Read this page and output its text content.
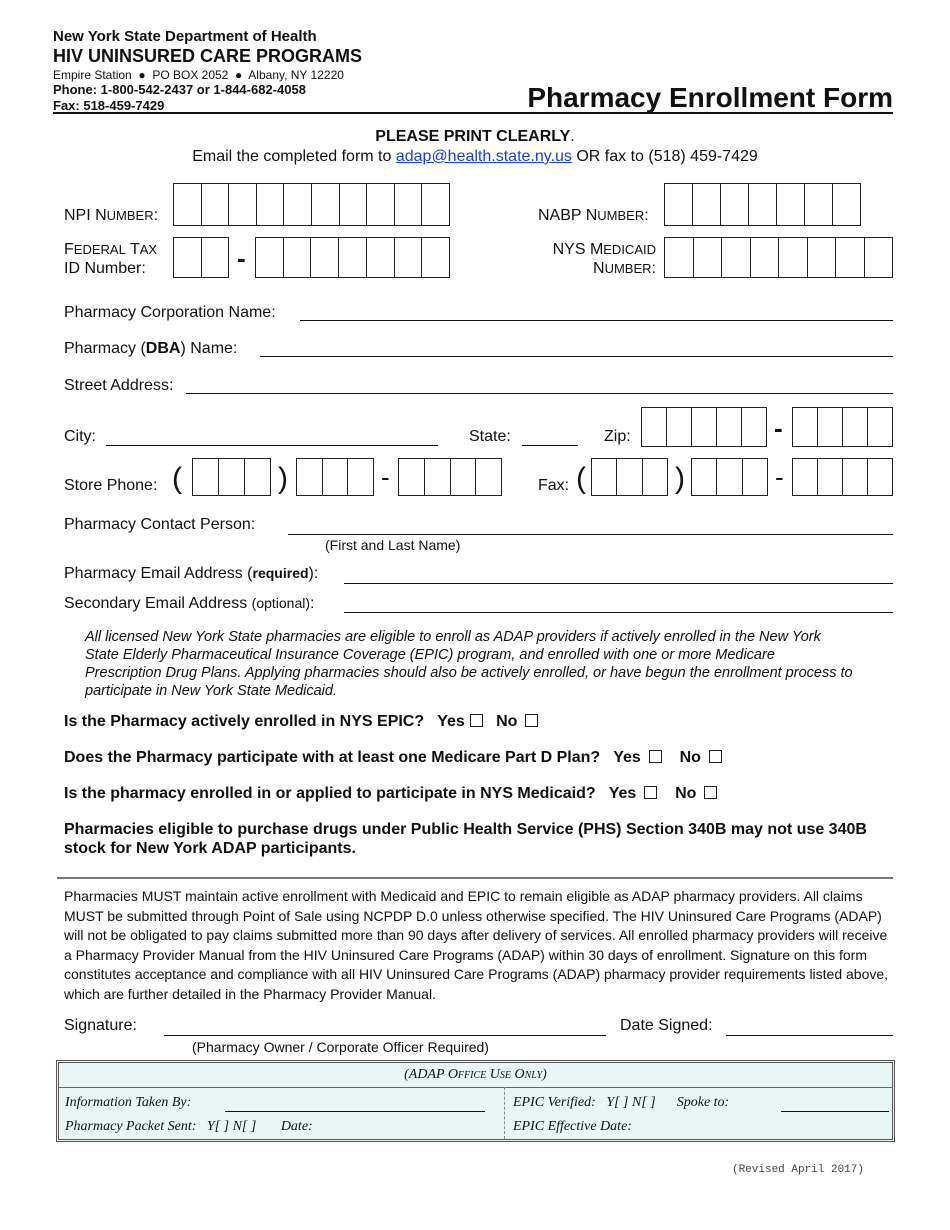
New York State Department of Health
HIV UNINSURED CARE PROGRAMS
Empire Station  ●  PO BOX 2052  ●  Albany, NY 12220
Phone: 1-800-542-2437 or 1-844-682-4058
Fax: 518-459-7429	Pharmacy Enrollment Form
PLEASE PRINT CLEARLY.
Email the completed form to adap@health.state.ny.us OR fax to (518) 459-7429
NPI NUMBER:	NABP NUMBER:
FEDERAL TAX
ID Number:	-	NYS MEDICAID
NUMBER:
Pharmacy Corporation Name:
Pharmacy (DBA) Name:
Street Address:
City:	State:	Zip:	-
Store Phone: (	)	-	Fax: (	)	-
Pharmacy Contact Person:
(First and Last Name)
Pharmacy Email Address (required):
Secondary Email Address (optional):
All licensed New York State pharmacies are eligible to enroll as ADAP providers if actively enrolled in the New York State Elderly Pharmaceutical Insurance Coverage (EPIC) program, and enrolled with one or more Medicare Prescription Drug Plans. Applying pharmacies should also be actively enrolled, or have begun the enrollment process to participate in New York State Medicaid.
Is the Pharmacy actively enrolled in NYS EPIC? Yes No
Does the Pharmacy participate with at least one Medicare Part D Plan? Yes No
Is the pharmacy enrolled in or applied to participate in NYS Medicaid? Yes No
Pharmacies eligible to purchase drugs under Public Health Service (PHS) Section 340B may not use 340B stock for New York ADAP participants.
Pharmacies MUST maintain active enrollment with Medicaid and EPIC to remain eligible as ADAP pharmacy providers. All claims MUST be submitted through Point of Sale using NCPDP D.0 unless otherwise specified. The HIV Uninsured Care Programs (ADAP) will not be obligated to pay claims submitted more than 90 days after delivery of services. All enrolled pharmacy providers will receive a Pharmacy Provider Manual from the HIV Uninsured Care Programs (ADAP) within 30 days of enrollment. Signature on this form constitutes acceptance and compliance with all HIV Uninsured Care Programs (ADAP) pharmacy provider requirements listed above, which are further detailed in the Pharmacy Provider Manual.
Signature:	Date Signed:
(Pharmacy Owner / Corporate Officer Required)
(ADAP Office Use Only)
Information Taken By:
Pharmacy Packet Sent: Y[ ] N[ ] Date:
EPIC Verified: Y[ ] N[ ] Spoke to:
EPIC Effective Date:
(Revised April 2017)
